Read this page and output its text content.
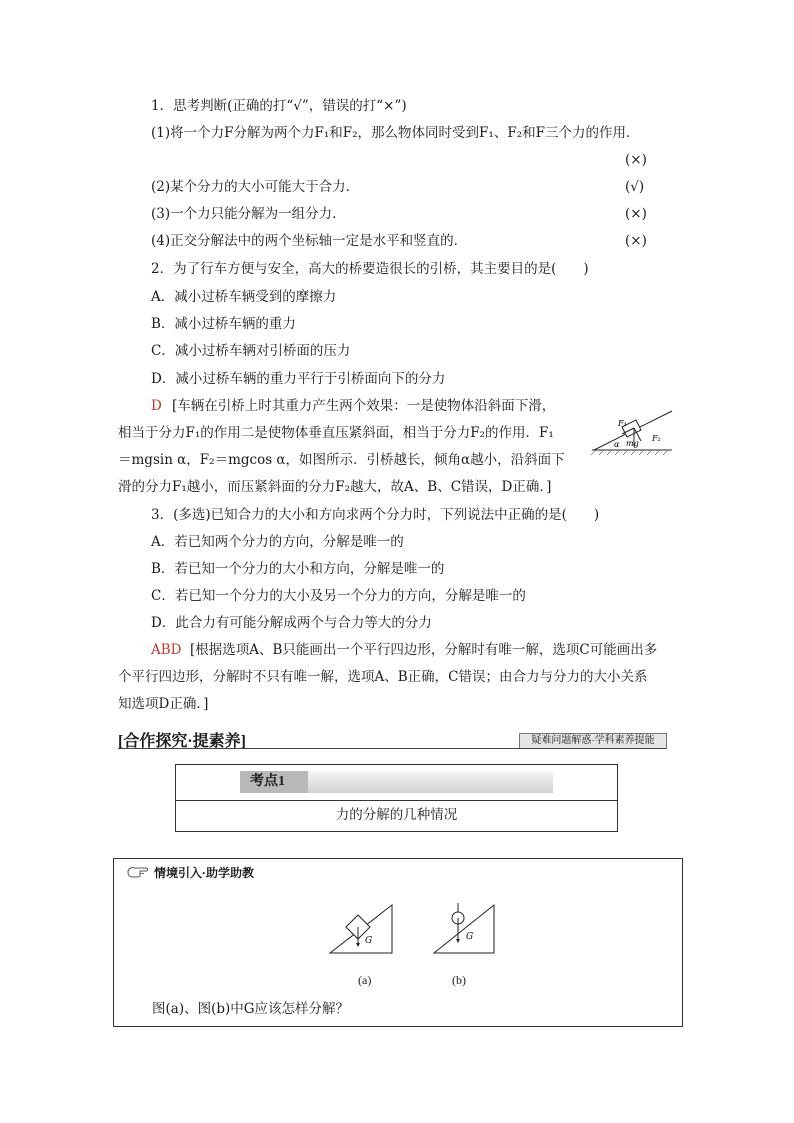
1．思考判断(正确的打“√”，错误的打“×”)
(1)将一个力F分解为两个力F₁和F₂，那么物体同时受到F₁、F₂和F三个力的作用．
(×)
(2)某个分力的大小可能大于合力．	(√)
(3)一个力只能分解为一组分力．	(×)
(4)正交分解法中的两个坐标轴一定是水平和竖直的．	(×)
2．为了行车方便与安全，高大的桥要造很长的引桥，其主要目的是(　　)
A．减小过桥车辆受到的摩擦力
B．减小过桥车辆的重力
C．减小过桥车辆对引桥面的压力
D．减小过桥车辆的重力平行于引桥面向下的分力
D [车辆在引桥上时其重力产生两个效果：一是使物体沿斜面下滑，
相当于分力F₁的作用二是使物体垂直压紧斜面，相当于分力F₂的作用．F₁
＝mgsin α，F₂＝mgcos α，如图所示．引桥越长，倾角α越小，沿斜面下
滑的分力F₁越小，而压紧斜面的分力F₂越大，故A、B、C错误，D正确．]
F₁
F₂
mg
α
3．(多选)已知合力的大小和方向求两个分力时，下列说法中正确的是(　　)
A．若已知两个分力的方向，分解是唯一的
B．若已知一个分力的大小和方向，分解是唯一的
C．若已知一个分力的大小及另一个分力的方向，分解是唯一的
D．此合力有可能分解成两个与合力等大的分力
ABD [根据选项A、B只能画出一个平行四边形，分解时有唯一解，选项C可能画出多
个平行四边形，分解时不只有唯一解，选项A、B正确，C错误；由合力与分力的大小关系
知选项D正确．]
[合作探究·提素养]	疑难问题解惑·学科素养提能
考点1
力的分解的几种情况
情境引入·助学助教
G
(a)
G
(b)
图(a)、图(b)中G应该怎样分解？
